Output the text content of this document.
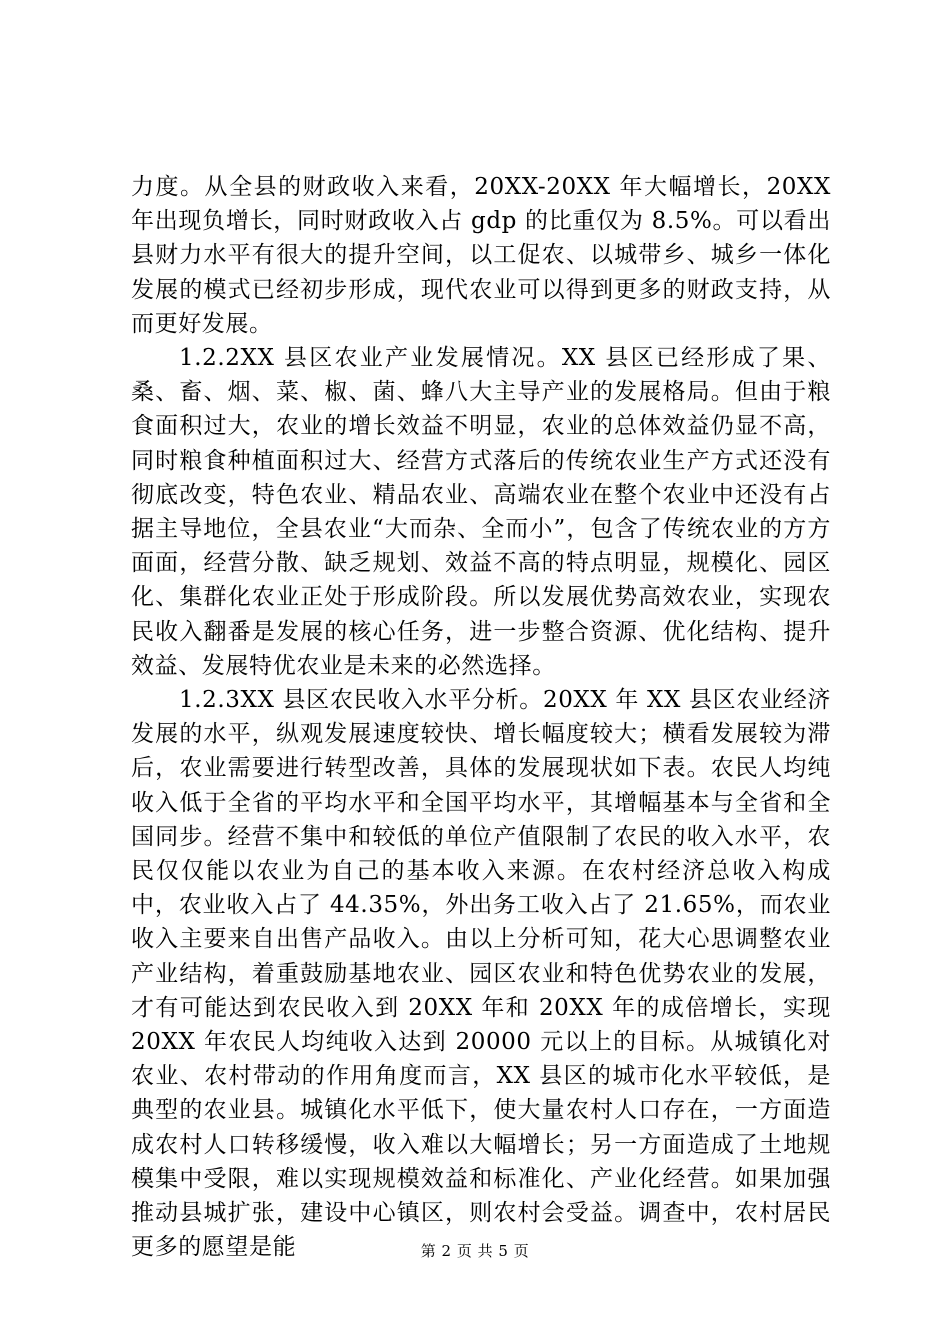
力度。从全县的财政收入来看，20XX-20XX 年大幅增长，20XX 年出现负增长，同时财政收入占 gdp 的比重仅为 8.5%。可以看出县财力水平有很大的提升空间，以工促农、以城带乡、城乡一体化发展的模式已经初步形成，现代农业可以得到更多的财政支持，从而更好发展。

1.2.2XX 县区农业产业发展情况。XX 县区已经形成了果、桑、畜、烟、菜、椒、菌、蜂八大主导产业的发展格局。但由于粮食面积过大，农业的增长效益不明显，农业的总体效益仍显不高，同时粮食种植面积过大、经营方式落后的传统农业生产方式还没有彻底改变，特色农业、精品农业、高端农业在整个农业中还没有占据主导地位，全县农业“大而杂、全而小”，包含了传统农业的方方面面，经营分散、缺乏规划、效益不高的特点明显，规模化、园区化、集群化农业正处于形成阶段。所以发展优势高效农业，实现农民收入翻番是发展的核心任务，进一步整合资源、优化结构、提升效益、发展特优农业是未来的必然选择。

1.2.3XX 县区农民收入水平分析。20XX 年 XX 县区农业经济发展的水平，纵观发展速度较快、增长幅度较大；横看发展较为滞后，农业需要进行转型改善，具体的发展现状如下表。农民人均纯收入低于全省的平均水平和全国平均水平，其增幅基本与全省和全国同步。经营不集中和较低的单位产值限制了农民的收入水平，农民仅仅能以农业为自己的基本收入来源。在农村经济总收入构成中，农业收入占了 44.35%，外出务工收入占了 21.65%，而农业收入主要来自出售产品收入。由以上分析可知，花大心思调整农业产业结构，着重鼓励基地农业、园区农业和特色优势农业的发展，才有可能达到农民收入到 20XX 年和 20XX 年的成倍增长，实现 20XX 年农民人均纯收入达到 20000 元以上的目标。从城镇化对农业、农村带动的作用角度而言，XX 县区的城市化水平较低，是典型的农业县。城镇化水平低下，使大量农村人口存在，一方面造成农村人口转移缓慢，收入难以大幅增长；另一方面造成了土地规模集中受限，难以实现规模效益和标准化、产业化经营。如果加强推动县城扩张，建设中心镇区，则农村会受益。调查中，农村居民更多的愿望是能	第 2 页 共 5 页
